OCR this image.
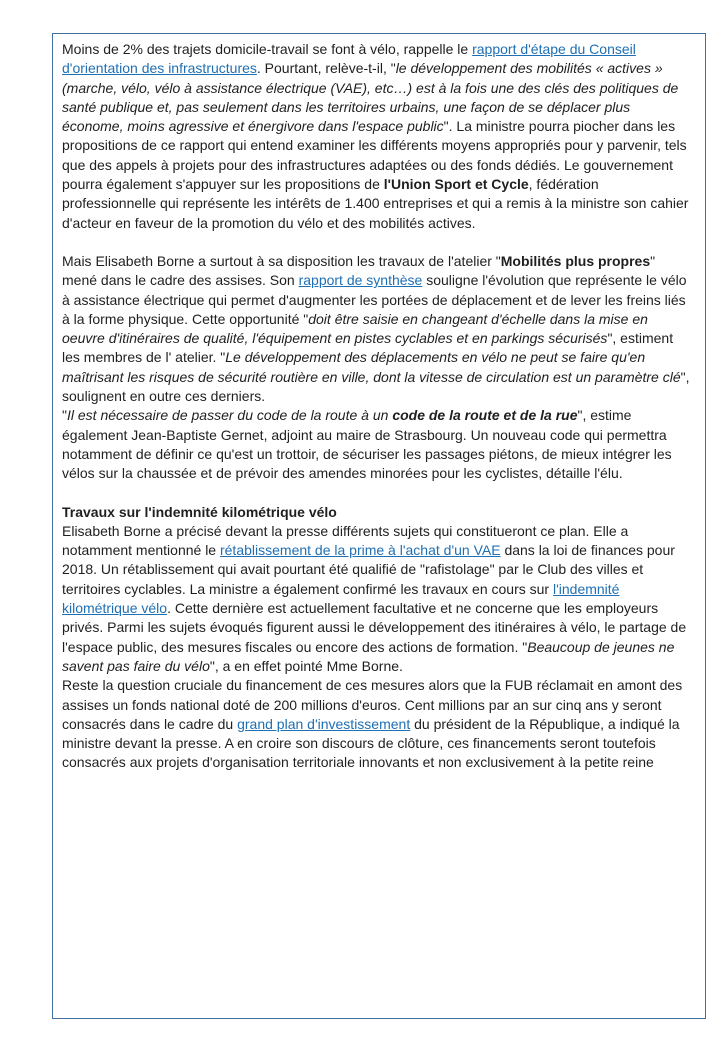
Moins de 2% des trajets domicile-travail se font à vélo, rappelle le rapport d'étape du Conseil d'orientation des infrastructures. Pourtant, relève-t-il, "le développement des mobilités « actives » (marche, vélo, vélo à assistance électrique (VAE), etc…) est à la fois une des clés des politiques de santé publique et, pas seulement dans les territoires urbains, une façon de se déplacer plus économe, moins agressive et énergivore dans l'espace public". La ministre pourra piocher dans les propositions de ce rapport qui entend examiner les différents moyens appropriés pour y parvenir, tels que des appels à projets pour des infrastructures adaptées ou des fonds dédiés. Le gouvernement pourra également s'appuyer sur les propositions de l'Union Sport et Cycle, fédération professionnelle qui représente les intérêts de 1.400 entreprises et qui a remis à la ministre son cahier d'acteur en faveur de la promotion du vélo et des mobilités actives.

Mais Elisabeth Borne a surtout à sa disposition les travaux de l'atelier "Mobilités plus propres" mené dans le cadre des assises. Son rapport de synthèse souligne l'évolution que représente le vélo à assistance électrique qui permet d'augmenter les portées de déplacement et de lever les freins liés à la forme physique. Cette opportunité "doit être saisie en changeant d'échelle dans la mise en oeuvre d'itinéraires de qualité, l'équipement en pistes cyclables et en parkings sécurisés", estiment les membres de l' atelier. "Le développement des déplacements en vélo ne peut se faire qu'en maîtrisant les risques de sécurité routière en ville, dont la vitesse de circulation est un paramètre clé", soulignent en outre ces derniers.

"Il est nécessaire de passer du code de la route à un code de la route et de la rue", estime également Jean-Baptiste Gernet, adjoint au maire de Strasbourg. Un nouveau code qui permettra notamment de définir ce qu'est un trottoir, de sécuriser les passages piétons, de mieux intégrer les vélos sur la chaussée et de prévoir des amendes minorées pour les cyclistes, détaille l'élu.

Travaux sur l'indemnité kilométrique vélo

Elisabeth Borne a précisé devant la presse différents sujets qui constitueront ce plan. Elle a notamment mentionné le rétablissement de la prime à l'achat d'un VAE dans la loi de finances pour 2018. Un rétablissement qui avait pourtant été qualifié de "rafistolage" par le Club des villes et territoires cyclables. La ministre a également confirmé les travaux en cours sur l'indemnité kilométrique vélo. Cette dernière est actuellement facultative et ne concerne que les employeurs privés. Parmi les sujets évoqués figurent aussi le développement des itinéraires à vélo, le partage de l'espace public, des mesures fiscales ou encore des actions de formation. "Beaucoup de jeunes ne savent pas faire du vélo", a en effet pointé Mme Borne.

Reste la question cruciale du financement de ces mesures alors que la FUB réclamait en amont des assises un fonds national doté de 200 millions d'euros. Cent millions par an sur cinq ans y seront consacrés dans le cadre du grand plan d'investissement du président de la République, a indiqué la ministre devant la presse. A en croire son discours de clôture, ces financements seront toutefois consacrés aux projets d'organisation territoriale innovants et non exclusivement à la petite reine
